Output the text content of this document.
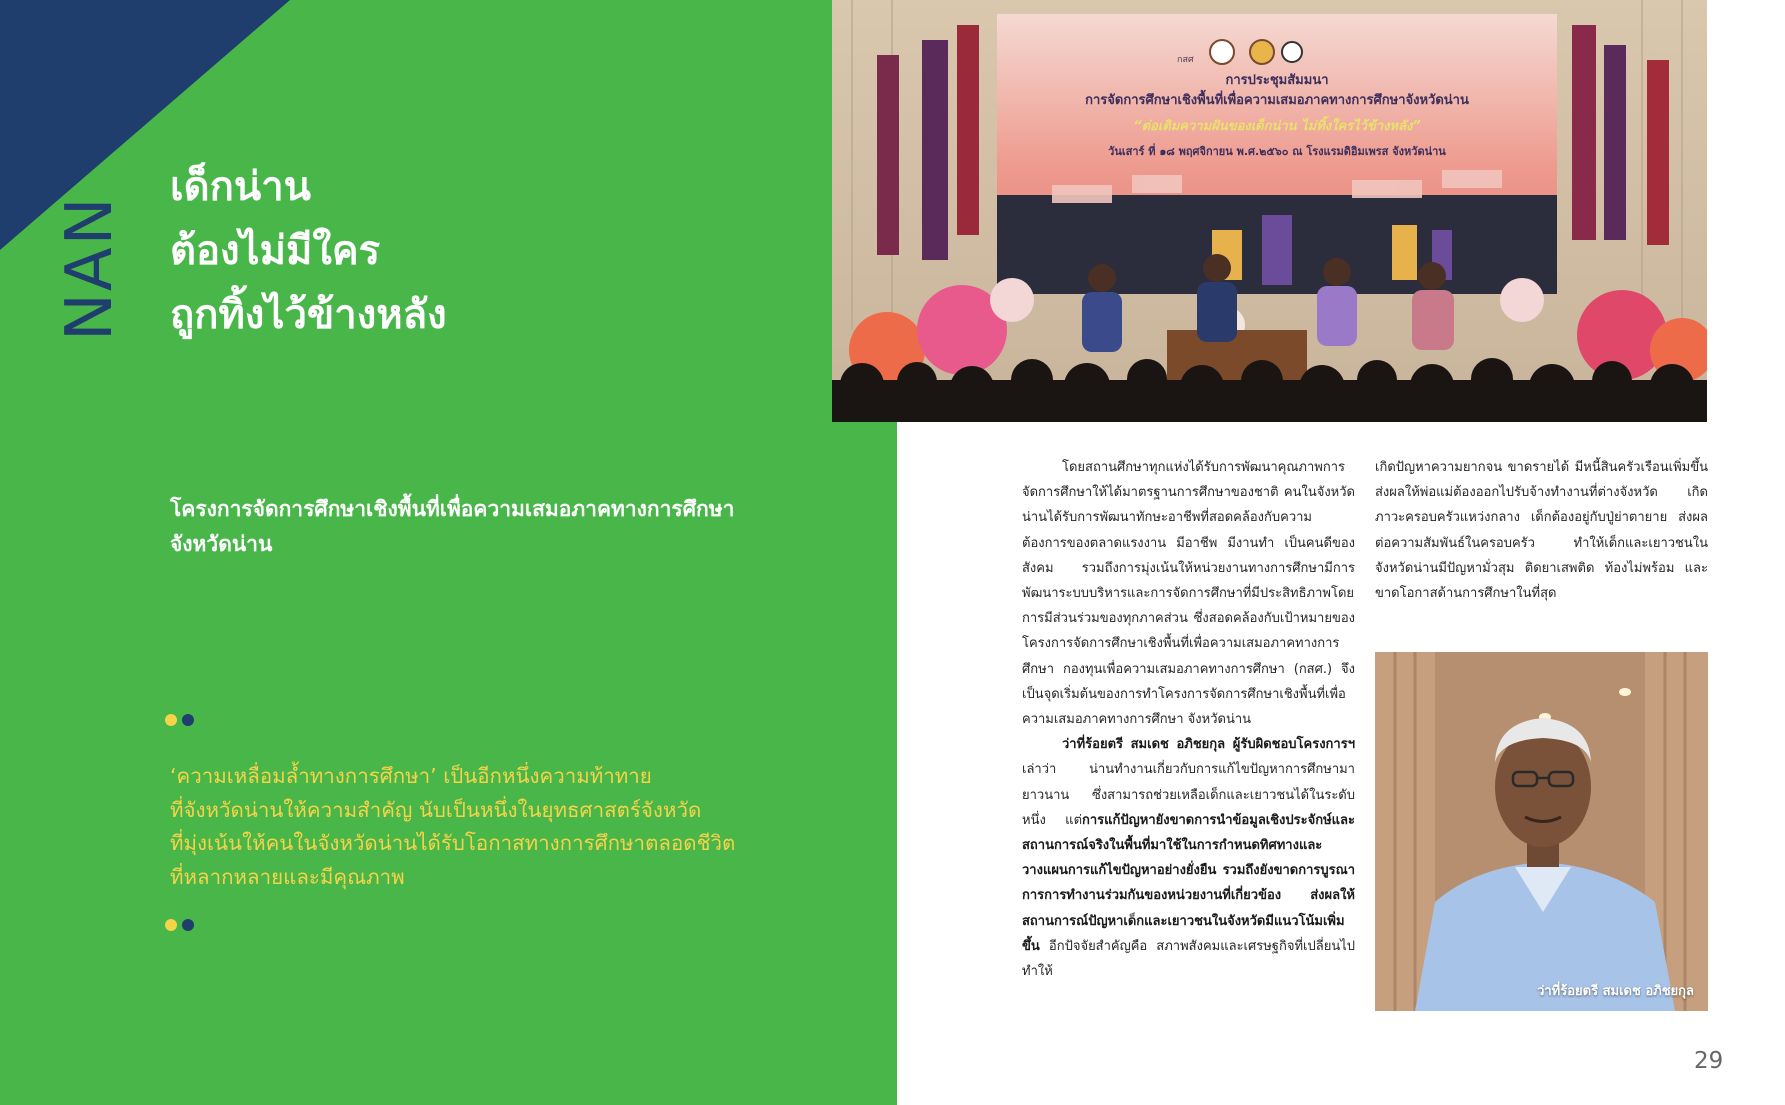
NAN
เด็กน่าน
ต้องไม่มีใคร
ถูกทิ้งไว้ข้างหลัง
โครงการจัดการศึกษาเชิงพื้นที่เพื่อความเสมอภาคทางการศึกษา
จังหวัดน่าน
‘ความเหลื่อมล้ำทางการศึกษา’ เป็นอีกหนึ่งความท้าทาย
ที่จังหวัดน่านให้ความสำคัญ นับเป็นหนึ่งในยุทธศาสตร์จังหวัด
ที่มุ่งเน้นให้คนในจังหวัดน่านได้รับโอกาสทางการศึกษาตลอดชีวิต
ที่หลากหลายและมีคุณภาพ
กสศ
การประชุมสัมมนา
การจัดการศึกษาเชิงพื้นที่เพื่อความเสมอภาคทางการศึกษาจังหวัดน่าน
“ต่อเติมความฝันของเด็กน่าน ไม่ทิ้งใครไว้ข้างหลัง”
วันเสาร์ ที่ ๑๘ พฤศจิกายน พ.ศ.๒๕๖๐ ณ โรงแรมดิอิมเพรส จังหวัดน่าน

โดยสถานศึกษาทุกแห่งได้รับการพัฒนาคุณภาพการจัดการศึกษาให้ได้มาตรฐานการศึกษาของชาติ คนในจังหวัดน่านได้รับการพัฒนาทักษะอาชีพที่สอดคล้องกับความต้องการของตลาดแรงงาน มีอาชีพ มีงานทำ เป็นคนดีของสังคม รวมถึงการมุ่งเน้นให้หน่วยงานทางการศึกษามีการพัฒนาระบบบริหารและการจัดการศึกษาที่มีประสิทธิภาพโดยการมีส่วนร่วมของทุกภาคส่วน ซึ่งสอดคล้องกับเป้าหมายของโครงการจัดการศึกษาเชิงพื้นที่เพื่อความเสมอภาคทางการศึกษา กองทุนเพื่อความเสมอภาคทางการศึกษา (กสศ.) จึงเป็นจุดเริ่มต้นของการทำโครงการจัดการศึกษาเชิงพื้นที่เพื่อความเสมอภาคทางการศึกษา จังหวัดน่าน

ว่าที่ร้อยตรี สมเดช อภิชยกุล ผู้รับผิดชอบโครงการฯ เล่าว่า น่านทำงานเกี่ยวกับการแก้ไขปัญหาการศึกษามายาวนาน ซึ่งสามารถช่วยเหลือเด็กและเยาวชนได้ในระดับหนึ่ง แต่การแก้ปัญหายังขาดการนำข้อมูลเชิงประจักษ์และสถานการณ์จริงในพื้นที่มาใช้ในการกำหนดทิศทางและวางแผนการแก้ไขปัญหาอย่างยั่งยืน รวมถึงยังขาดการบูรณาการการทำงานร่วมกันของหน่วยงานที่เกี่ยวข้อง ส่งผลให้สถานการณ์ปัญหาเด็กและเยาวชนในจังหวัดมีแนวโน้มเพิ่มขึ้น อีกปัจจัยสำคัญคือ สภาพสังคมและเศรษฐกิจที่เปลี่ยนไป ทำให้

เกิดปัญหาความยากจน ขาดรายได้ มีหนี้สินครัวเรือนเพิ่มขึ้น ส่งผลให้พ่อแม่ต้องออกไปรับจ้างทำงานที่ต่างจังหวัด เกิดภาวะครอบครัวแหว่งกลาง เด็กต้องอยู่กับปู่ย่าตายาย ส่งผลต่อความสัมพันธ์ในครอบครัว ทำให้เด็กและเยาวชนในจังหวัดน่านมีปัญหามั่วสุม ติดยาเสพติด ท้องไม่พร้อม และขาดโอกาสด้านการศึกษาในที่สุด

ว่าที่ร้อยตรี สมเดช อภิชยกุล
29
